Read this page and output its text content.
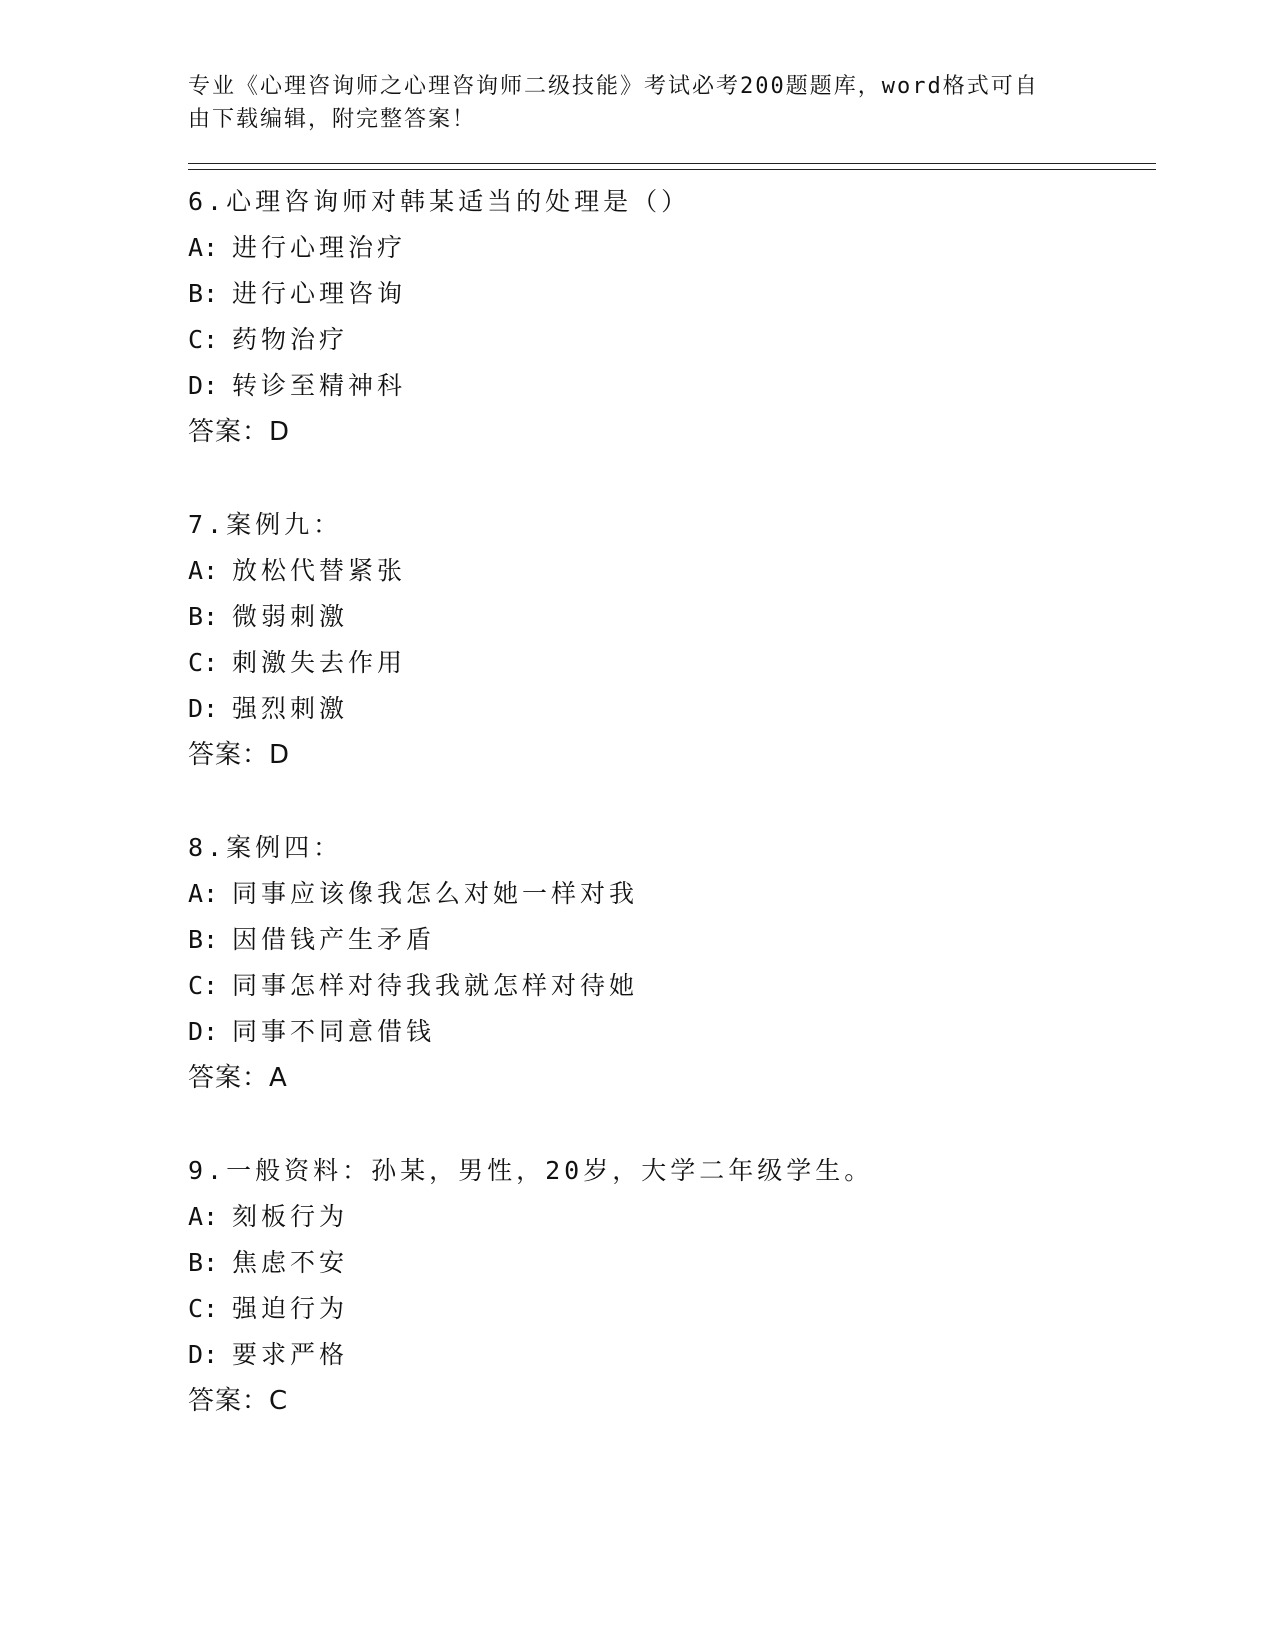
专业《心理咨询师之心理咨询师二级技能》考试必考200题题库，word格式可自
由下载编辑，附完整答案！
6.心理咨询师对韩某适当的处理是（）
A: 进行心理治疗
B: 进行心理咨询
C: 药物治疗
D: 转诊至精神科
答案：D
7.案例九：
A: 放松代替紧张
B: 微弱刺激
C: 刺激失去作用
D: 强烈刺激
答案：D
8.案例四：
A: 同事应该像我怎么对她一样对我
B: 因借钱产生矛盾
C: 同事怎样对待我我就怎样对待她
D: 同事不同意借钱
答案：A
9.一般资料：孙某，男性，20岁，大学二年级学生。
A: 刻板行为
B: 焦虑不安
C: 强迫行为
D: 要求严格
答案：C
